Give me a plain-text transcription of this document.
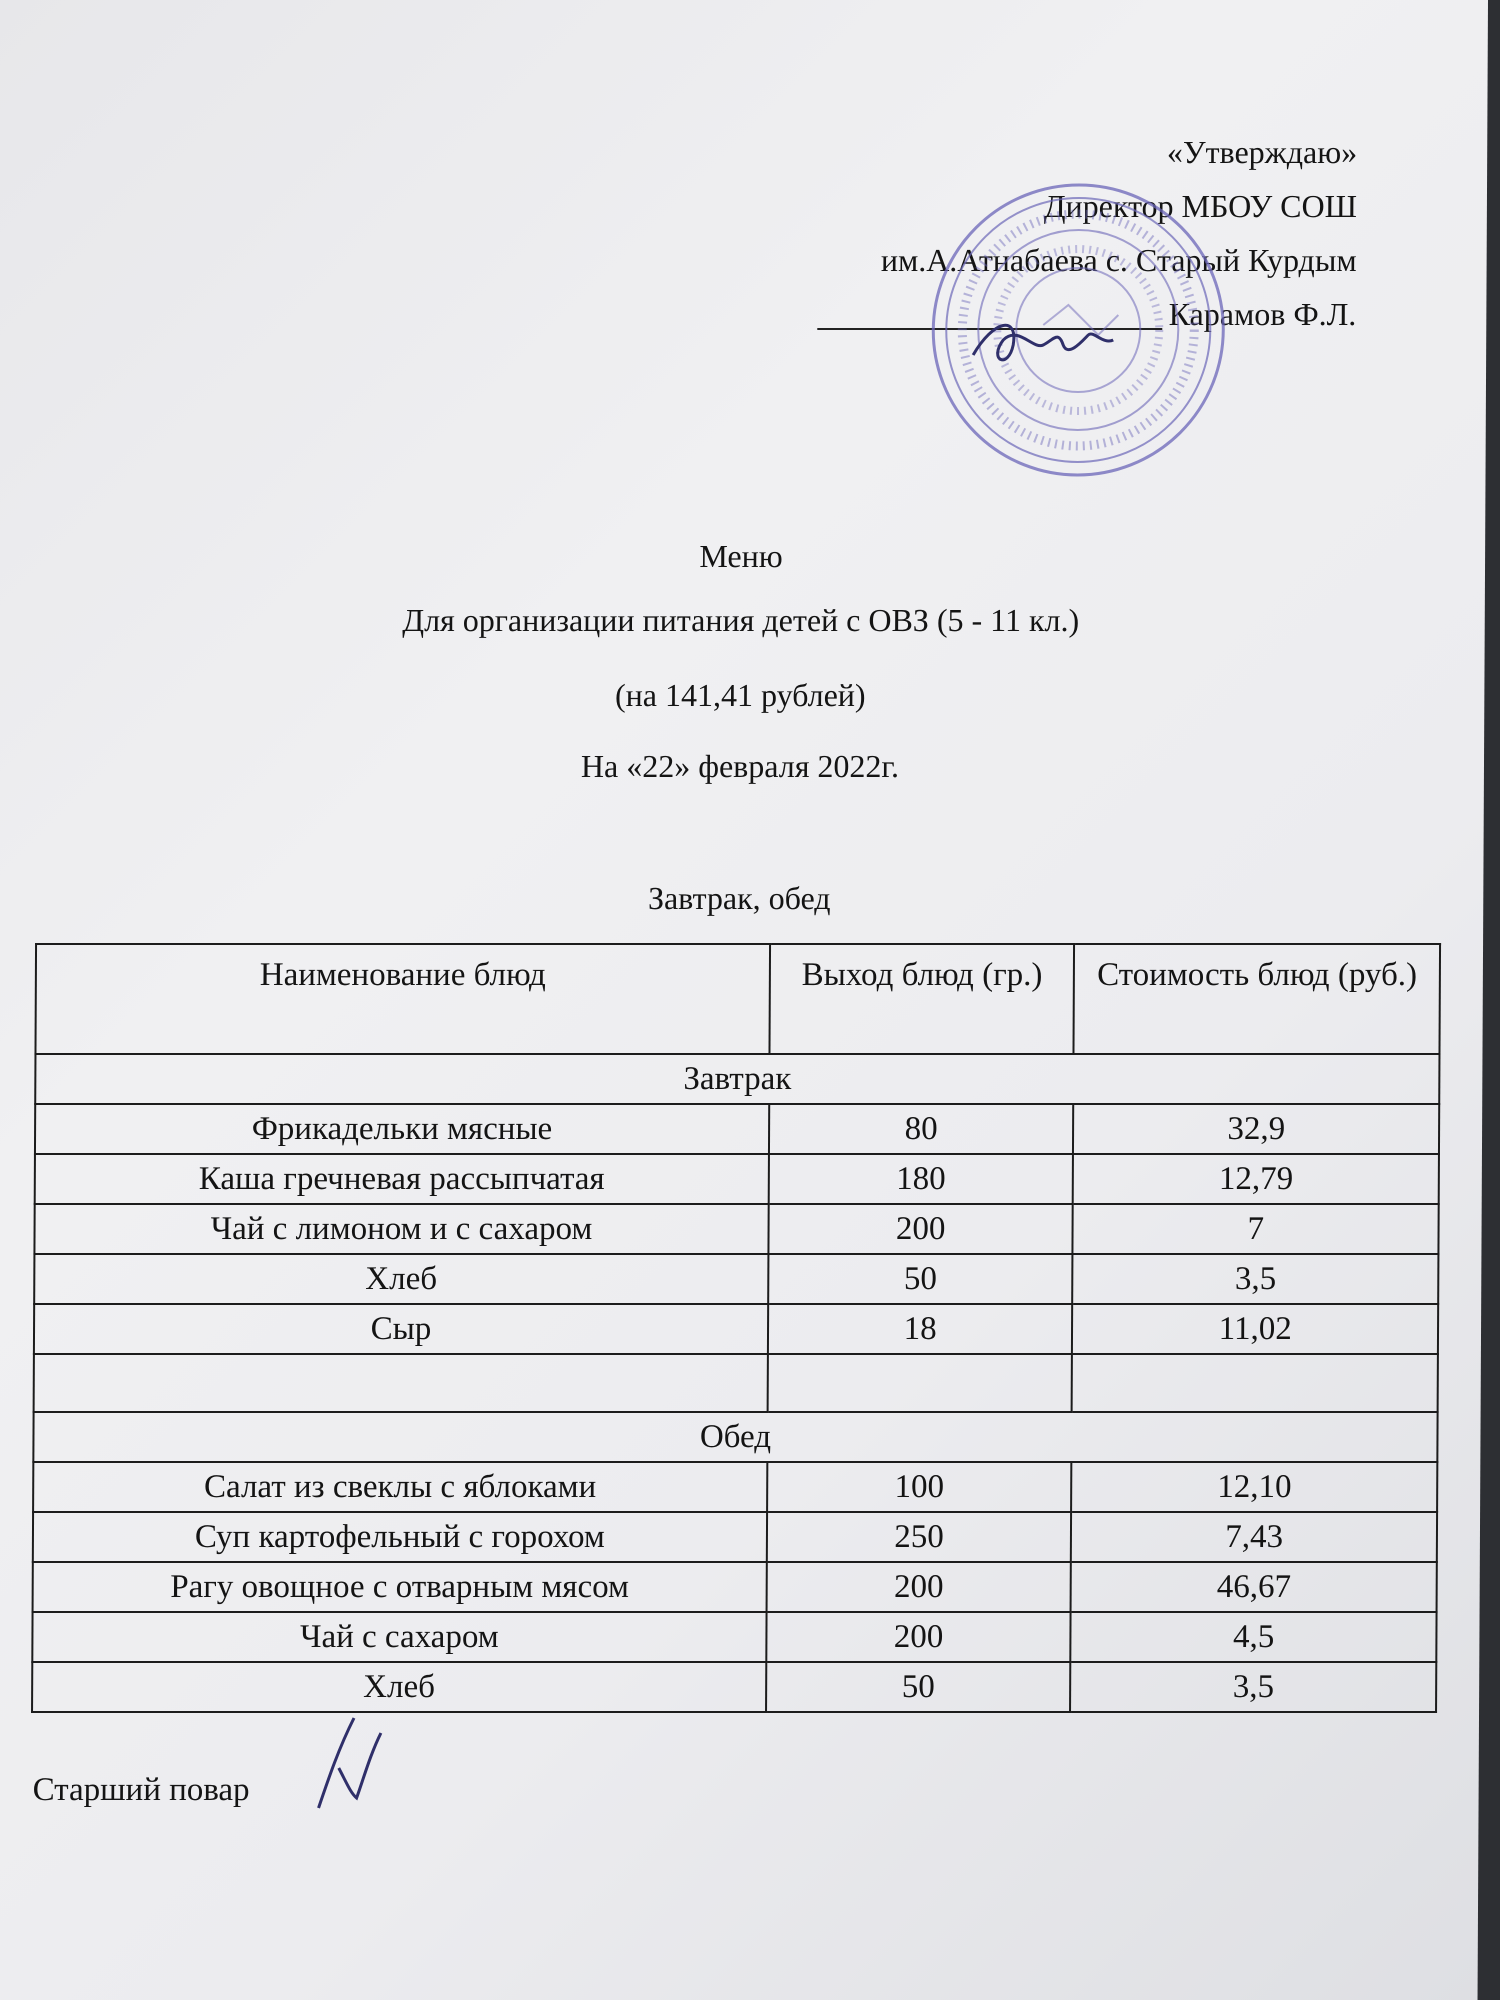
«Утверждаю»
Директор МБОУ СОШ
им.А.Атнабаева с. Старый Курдым
Карамов Ф.Л.
Меню
Для организации питания детей с ОВЗ (5 - 11 кл.)
(на 141,41 рублей)
На «22» февраля 2022г.
Завтрак, обед
Наименование блюд	Выход блюд (гр.)	Стоимость блюд (руб.)
Завтрак		
Фрикадельки мясные	80	32,9
Каша гречневая рассыпчатая	180	12,79
Чай с лимоном и с сахаром	200	7
Хлеб	50	3,5
Сыр	18	11,02

Обед		
Салат из свеклы с яблоками	100	12,10
Суп картофельный с горохом	250	7,43
Рагу овощное с отварным мясом	200	46,67
Чай с сахаром	200	4,5
Хлеб	50	3,5
Старший повар
